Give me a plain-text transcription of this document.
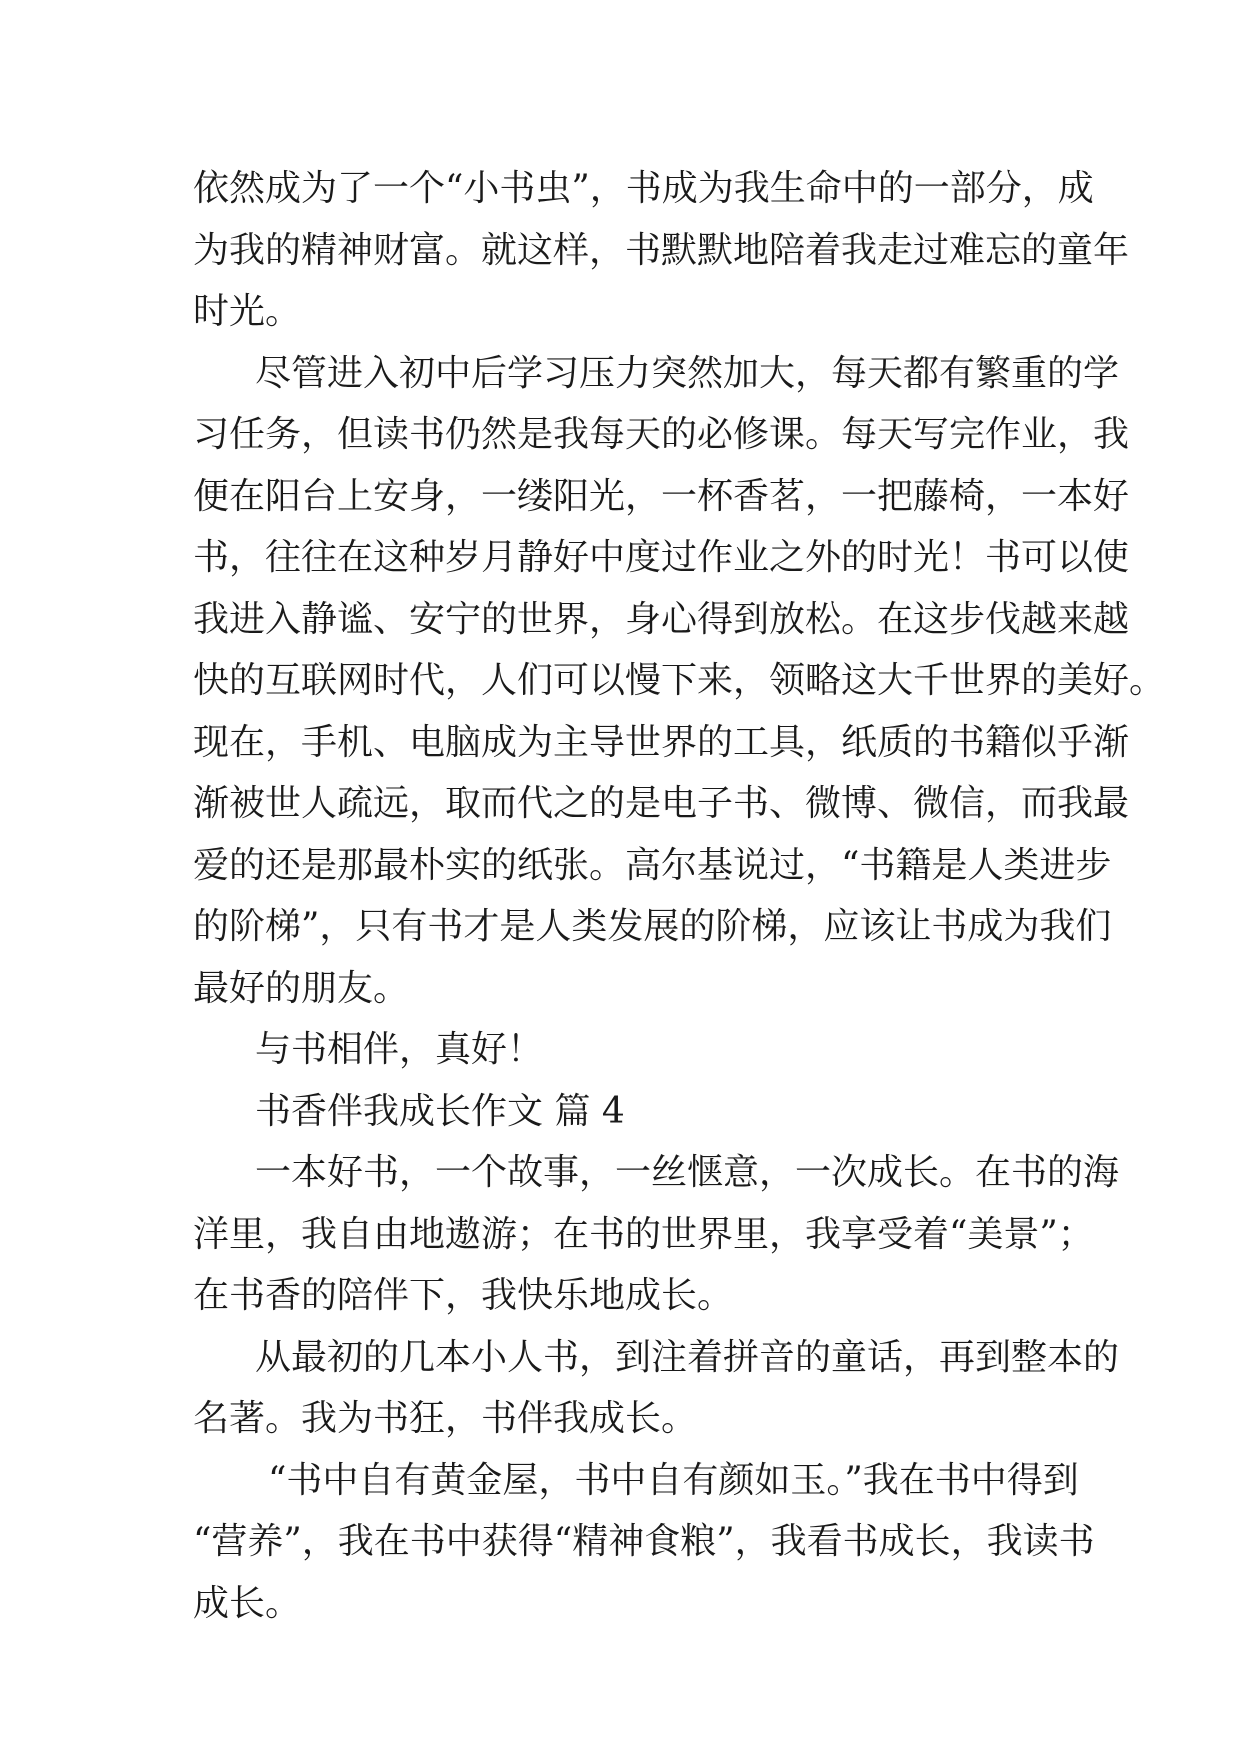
依然成为了一个“小书虫”，书成为我生命中的一部分，成
为我的精神财富。就这样，书默默地陪着我走过难忘的童年
时光。
尽管进入初中后学习压力突然加大，每天都有繁重的学
习任务，但读书仍然是我每天的必修课。每天写完作业，我
便在阳台上安身，一缕阳光，一杯香茗，一把藤椅，一本好
书，往往在这种岁月静好中度过作业之外的时光！书可以使
我进入静谧、安宁的世界，身心得到放松。在这步伐越来越
快的互联网时代，人们可以慢下来，领略这大千世界的美好。
现在，手机、电脑成为主导世界的工具，纸质的书籍似乎渐
渐被世人疏远，取而代之的是电子书、微博、微信，而我最
爱的还是那最朴实的纸张。高尔基说过，“书籍是人类进步
的阶梯”，只有书才是人类发展的阶梯，应该让书成为我们
最好的朋友。
与书相伴，真好！
书香伴我成长作文 篇 4
一本好书，一个故事，一丝惬意，一次成长。在书的海
洋里，我自由地遨游；在书的世界里，我享受着“美景”；
在书香的陪伴下，我快乐地成长。
从最初的几本小人书，到注着拼音的童话，再到整本的
名著。我为书狂，书伴我成长。
“书中自有黄金屋，书中自有颜如玉。”我在书中得到
“营养”，我在书中获得“精神食粮”，我看书成长，我读书
成长。
